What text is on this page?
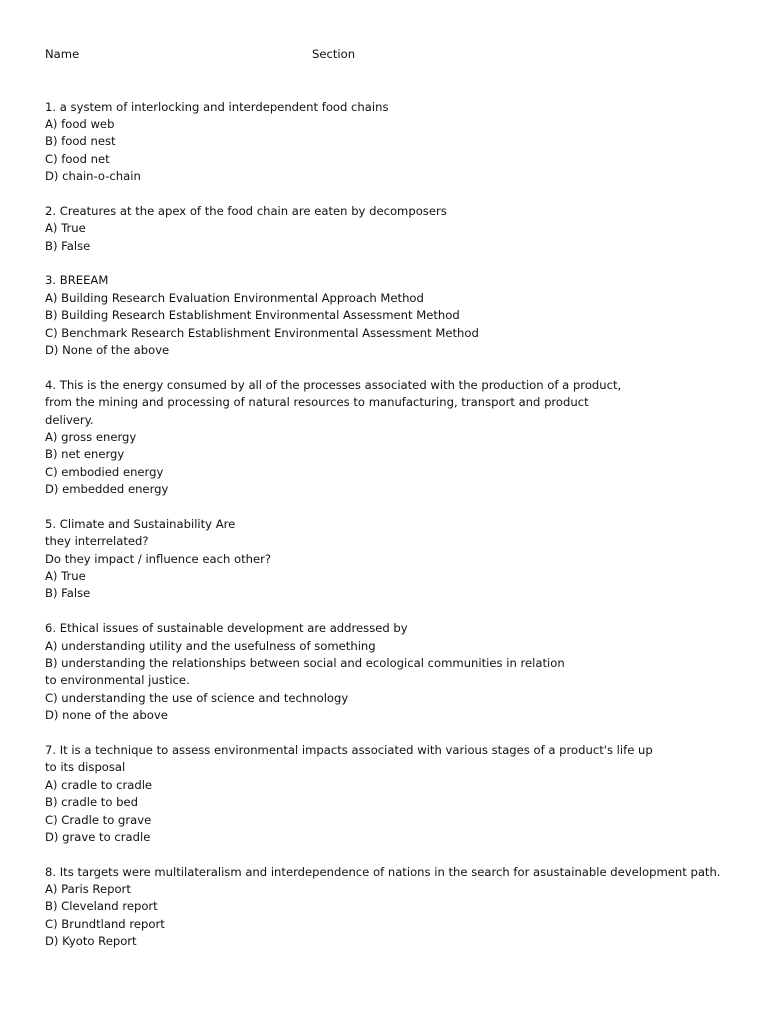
Name	Section
1. a system of interlocking and interdependent food chains
A) food web
B) food nest
C) food net
D) chain-o-chain
2. Creatures at the apex of the food chain are eaten by decomposers
A) True
B) False
3. BREEAM
A) Building Research Evaluation Environmental Approach Method
B) Building Research Establishment Environmental Assessment Method
C) Benchmark Research Establishment Environmental Assessment Method
D) None of the above
4. This is the energy consumed by all of the processes associated with the production of a product,
from the mining and processing of natural resources to manufacturing, transport and product
delivery.
A) gross energy
B) net energy
C) embodied energy
D) embedded energy
5. Climate and Sustainability Are
they interrelated?
Do they impact / influence each other?
A) True
B) False
6. Ethical issues of sustainable development are addressed by
A) understanding utility and the usefulness of something
B) understanding the relationships between social and ecological communities in relation
to environmental justice.
C) understanding the use of science and technology
D) none of the above
7. It is a technique to assess environmental impacts associated with various stages of a product's life up
to its disposal
A) cradle to cradle
B) cradle to bed
C) Cradle to grave
D) grave to cradle
8. Its targets were multilateralism and interdependence of nations in the search for asustainable development path.
A) Paris Report
B) Cleveland report
C) Brundtland report
D) Kyoto Report
